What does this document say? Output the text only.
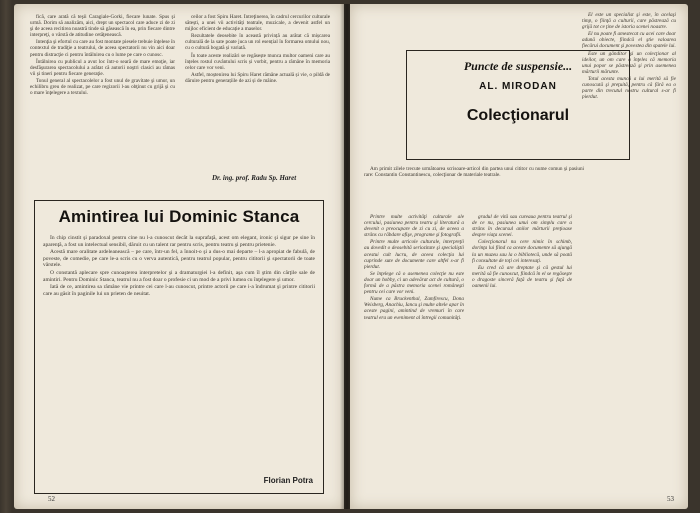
fică, care arată că teşii Caragiale-Gorki, fiecare lunate. Spus şi urmă. Dorim să analizăm, aici, drept un spectacol care aduce zi de zi şi de aceea recitirea noastră tinde să găsească în ea, prin fiecare dintre interpreţi, o vârstă de atitudine cetăţenească.

Intenţia şi efortul cu care au fost montate piesele trebuie înţelese în contextul de tradiţie a teatrului, de aceea spectatorii nu vin aici doar pentru distracţie ci pentru întâlnirea cu o lume pe care o cunosc.

Întâlnirea cu publicul a avut loc într-o seară de mare emoţie, iar desfăşurarea spectacolului a arătat că autorii noştri clasici au rămas vii şi tineri pentru fiecare generaţie.

Tonul general al spectacolelor a fost unul de gravitate şi umor, un echilibru greu de realizat, pe care regizorii l-au obţinut cu grijă şi cu o mare înţelegere a textului.

ceilor a fost Spiru Haret. Întreţinerea, în cadrul cercurilor culturale sătești, a unei vii activități teatrale, muzicale, a devenit astfel un mijloc eficient de educație a maselor.

Rezultatele deosebite în această privință au arătat că mișcarea culturală de la sate poate juca un rol esențial în formarea omului nou, cu o cultură bogată și variată.

În toate aceste realizări se regăsește munca multor oameni care au înțeles rostul cuvântului scris și vorbit, pentru a rămâne în memoria celor care vor veni.

Astfel, moștenirea lui Spiru Haret rămâne actuală și vie, o pildă de dăruire pentru generațiile de azi și de mâine.

Dr. ing. prof. Radu Sp. Haret
Amintirea lui Dominic Stanca

În chip cinstit şi paradoxal pentru cine nu l-a cunoscut decât la suprafaţă, acest om elegant, ironic şi sigur pe sine în aparenţă, a fost un intelectual sensibil, dăruit cu un talent rar pentru scris, pentru teatru şi pentru prietenie.

Acestă mare oralitate ardeleanească – pe care, într-un fel, a înnoit-o şi a dus-o mai departe – l-a apropiat de fabulă, de poveste, de comedie, pe care le-a scris cu o verva autentică, pentru teatrul popular, pentru cititorii şi spectatorii de toate vârstele.

O constantă aplecare spre cunoaşterea interpretelor şi a dramaturgiei l-a definit, aşa cum îl ştim din cărţile sale de amintiri. Pentru Dominic Stanca, teatrul nu a fost doar o profesie ci un mod de a privi lumea cu înţelegere şi umor.

Iată de ce, amintirea sa rămâne vie printre cei care l-au cunoscut, printre actorii pe care i-a îndrumat şi printre cititorii care au găsit în paginile lui un prieten de neuitat.

Florian Potra
52
Puncte de suspensie...
AL. MIRODAN
Colecţionarul

Am primit zilele trecute următoarea scrisoare-articol din partea unui cititor cu nume comun şi pasiuni rare: Constantin Constantinescu, colecţionar de materiale teatrale.

Printre multe activităţi culturale ale cercului, pasiunea pentru teatru şi literatură a devenit o preocupare de zi cu zi, de aceea a strâns cu răbdare afişe, programe şi fotografii.

Printre multe articole culturale, interpreţii au dovedit o deosebită seriozitate şi specialiştii acestui cult lucru, de aceea colecţia lui cuprinde sute de documente care altfel s-ar fi pierdut.

Se înţelege că o asemenea colecţie nu este doar un hobby, ci un adevărat act de cultură, o formă de a păstra memoria scenei româneşti pentru cei care vor veni.

Nume ca Bruckenthal, Zamfirescu, Dona Weisberg, Anachiu, Iancu şi multe altele apar în aceste pagini, amintind de vremuri în care teatrul era un eveniment al întregii comunităţi.

gradul de vită sau cureaua pentru teatrul şi de ce nu, pasiunea unui om simplu care a strâns în decursul anilor mărturii preţioase despre viaţa scenei.

Colecţionarul nu cere nimic în schimb, dorinţa lui fiind ca aceste documente să ajungă la un muzeu sau la o bibliotecă, unde să poată fi consultate de toţi cei interesaţi.

Eu cred că are dreptate şi că gestul lui merită să fie cunoscut, fiindcă în el se regăseşte o dragoste sinceră faţă de teatru şi faţă de oamenii lui.

El este un specialist şi este, în acelaşi timp, o fiinţă a culturii, care păstrează cu grijă tot ce ţine de istoria scenei noastre.

El nu poate fi amestecat cu acei care doar adună obiecte, fiindcă el ştie valoarea fiecărui document şi povestea din spatele lui.

Este un gânditor şi un colecţionar al ideilor, un om care a înţeles că memoria unui popor se păstrează şi prin asemenea mărturii mărunte.

Totul acesta muncă a lui merită să fie cunoscută şi preţuită, pentru că fără ea o parte din trecutul nostru cultural s-ar fi pierdut.

53
